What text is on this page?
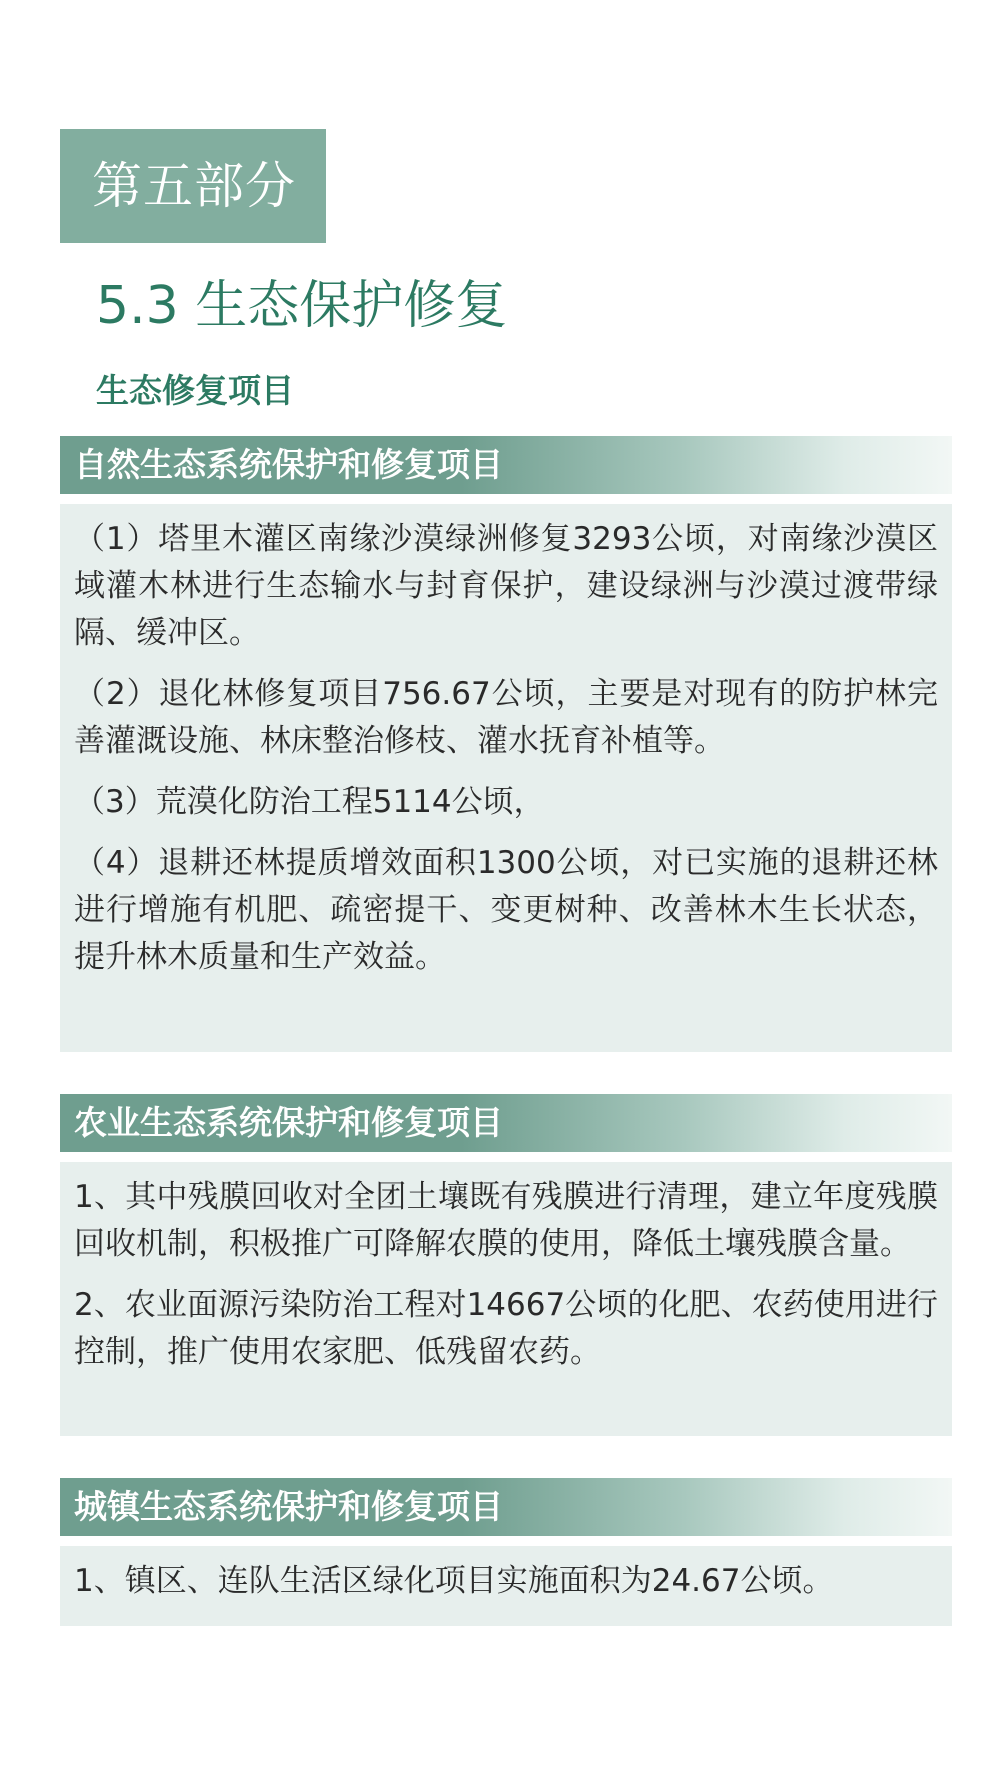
第五部分
5.3 生态保护修复
生态修复项目
自然生态系统保护和修复项目

（1）塔里木灌区南缘沙漠绿洲修复3293公顷，对南缘沙漠区域灌木林进行生态输水与封育保护，建设绿洲与沙漠过渡带绿隔、缓冲区。

（2）退化林修复项目756.67公顷，主要是对现有的防护林完善灌溉设施、林床整治修枝、灌水抚育补植等。

（3）荒漠化防治工程5114公顷，

（4）退耕还林提质增效面积1300公顷，对已实施的退耕还林进行增施有机肥、疏密提干、变更树种、改善林木生长状态，提升林木质量和生产效益。

农业生态系统保护和修复项目

1、其中残膜回收对全团土壤既有残膜进行清理，建立年度残膜回收机制，积极推广可降解农膜的使用，降低土壤残膜含量。

2、农业面源污染防治工程对14667公顷的化肥、农药使用进行控制，推广使用农家肥、低残留农药。

城镇生态系统保护和修复项目

1、镇区、连队生活区绿化项目实施面积为24.67公顷。
